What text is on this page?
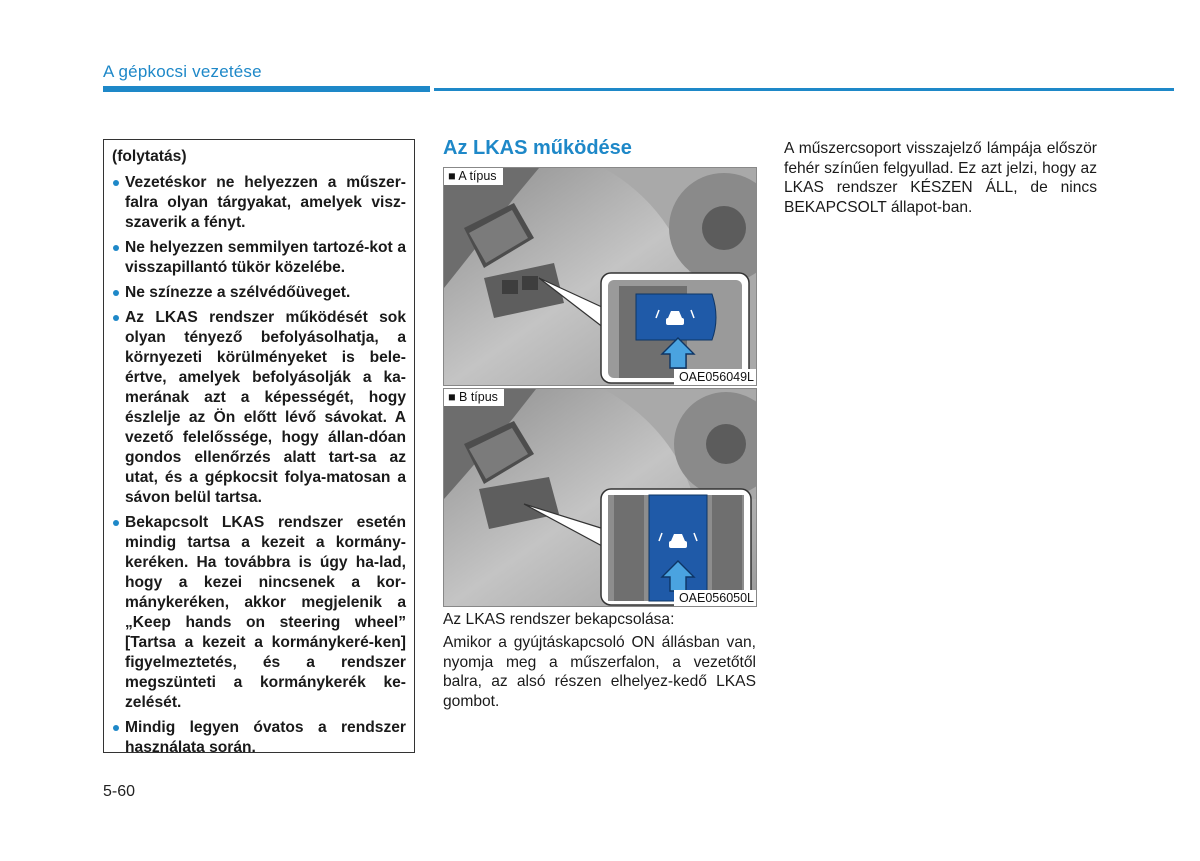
A gépkocsi vezetése

(folytatás)

Vezetéskor ne helyezzen a műszer-falra olyan tárgyakat, amelyek visz-szaverik a fényt.
Ne helyezzen semmilyen tartozé-kot a visszapillantó tükör közelébe.
Ne színezze a szélvédőüveget.
Az LKAS rendszer működését sok olyan tényező befolyásolhatja, a környezeti körülményeket is bele-értve, amelyek befolyásolják a ka-merának azt a képességét, hogy észlelje az Ön előtt lévő sávokat. A vezető felelőssége, hogy állan-dóan gondos ellenőrzés alatt tart-sa az utat, és a gépkocsit folya-matosan a sávon belül tartsa.
Bekapcsolt LKAS rendszer esetén mindig tartsa a kezeit a kormány-keréken. Ha továbbra is úgy ha-lad, hogy a kezei nincsenek a kor-mánykeréken, akkor megjelenik a „Keep hands on steering wheel” [Tartsa a kezeit a kormánykeré-ken] figyelmeztetés, és a rendszer megszünteti a kormánykerék ke-zelését.
Mindig legyen óvatos a rendszer használata során.
Az LKAS működése
■ A típus
OAE056049L
■ B típus
OAE056050L
Az LKAS rendszer bekapcsolása:
Amikor a gyújtáskapcsoló ON állásban van, nyomja meg a műszerfalon, a vezetőtől balra, az alsó részen elhelyez-kedő LKAS gombot.
A műszercsoport visszajelző lámpája először fehér színűen felgyullad. Ez azt jelzi, hogy az LKAS rendszer KÉSZEN ÁLL, de nincs BEKAPCSOLT állapot-ban.
5-60
